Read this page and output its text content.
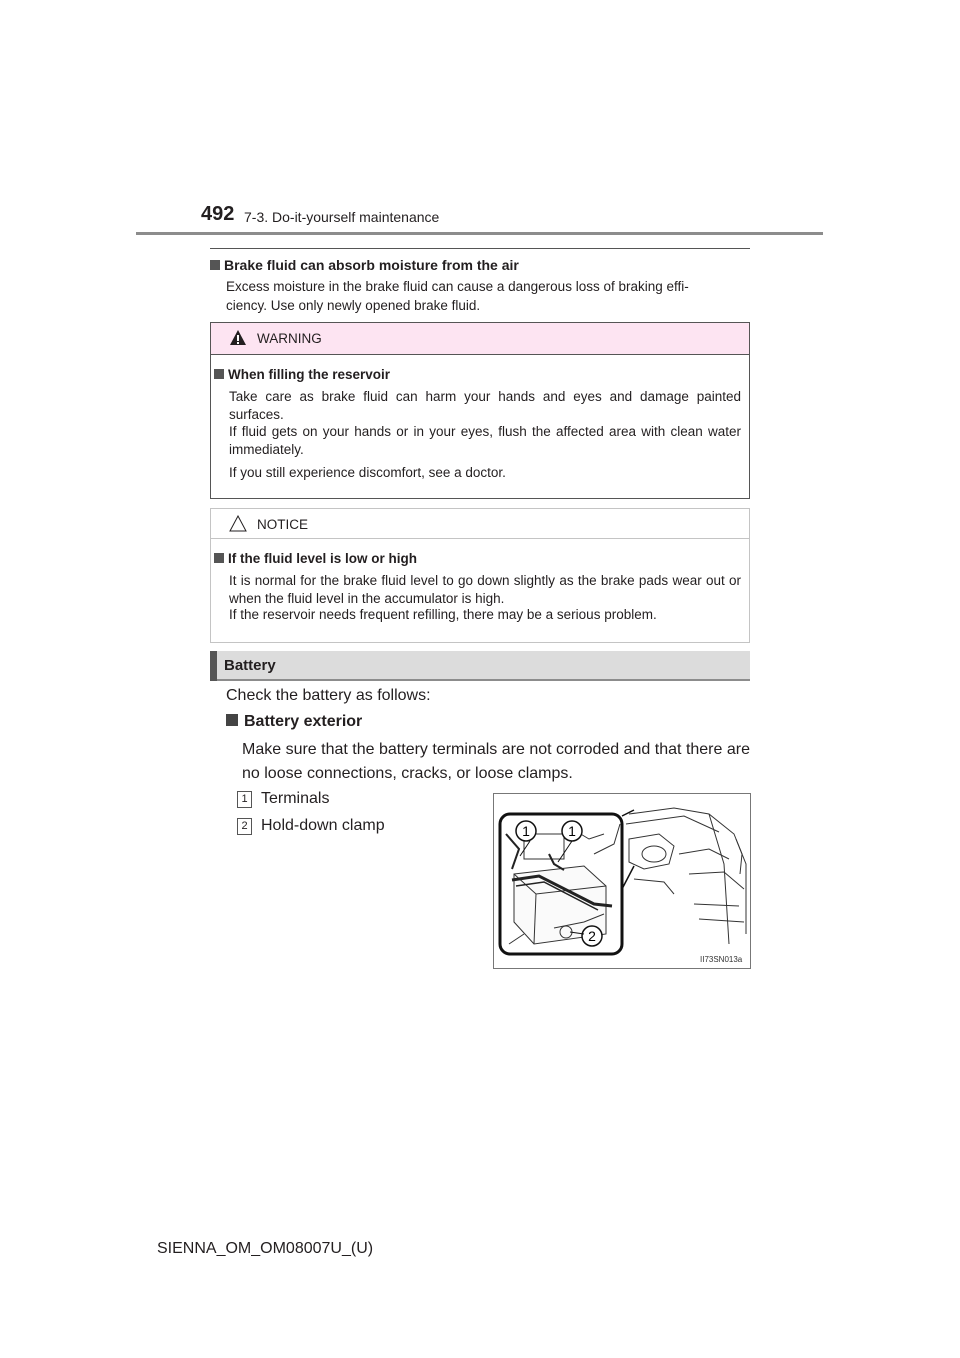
492 7-3. Do-it-yourself maintenance
Brake fluid can absorb moisture from the air
Excess moisture in the brake fluid can cause a dangerous loss of braking effi-
ciency. Use only newly opened brake fluid.
WARNING
When filling the reservoir
Take care as brake fluid can harm your hands and eyes and damage painted surfaces.
If fluid gets on your hands or in your eyes, flush the affected area with clean water immediately.
If you still experience discomfort, see a doctor.
NOTICE
If the fluid level is low or high
It is normal for the brake fluid level to go down slightly as the brake pads wear out or when the fluid level in the accumulator is high.
If the reservoir needs frequent refilling, there may be a serious problem.
Battery
Check the battery as follows:
Battery exterior
Make sure that the battery terminals are not corroded and that there are no loose connections, cracks, or loose clamps.
1 Terminals
2 Hold-down clamp	1	1
2
II73SN013a
SIENNA_OM_OM08007U_(U)
